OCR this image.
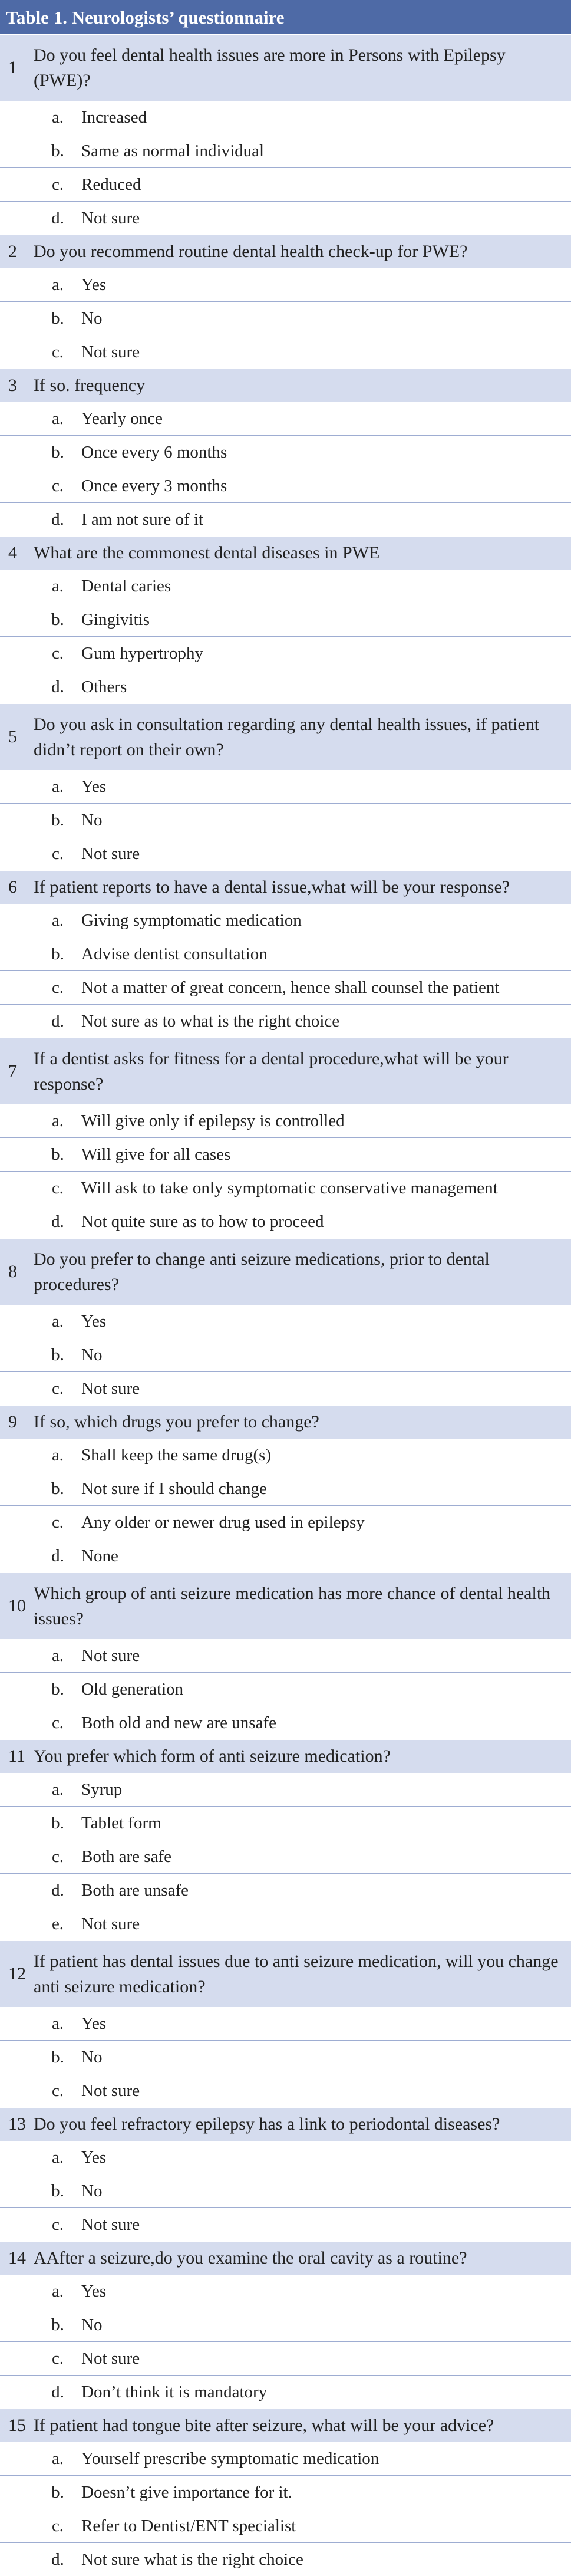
Table 1. Neurologists’ questionnaire
1
Do you feel dental health issues are more in Persons with Epilepsy (PWE)?
a.	Increased
b.	Same as normal individual
c.	Reduced
d.	Not sure
2 Do you recommend routine dental health check-up for PWE?
a.	Yes
b.	No
c.	Not sure
3 If so. frequency
a.	Yearly once
b.	Once every 6 months
c.	Once every 3 months
d.	I am not sure of it
4 What are the commonest dental diseases in PWE
a.	Dental caries
b.	Gingivitis
c.	Gum hypertrophy
d.	Others
5
Do you ask in consultation regarding any dental health issues, if patient didn’t report on their own?
a.	Yes
b.	No
c.	Not sure
6 If patient reports to have a dental issue,what will be your response?
a.	Giving symptomatic medication
b.	Advise dentist consultation
c.	Not a matter of great concern, hence shall counsel the patient
d.	Not sure as to what is the right choice
7
If a dentist asks for fitness for a dental procedure,what will be your response?
a.	Will give only if epilepsy is controlled
b.	Will give for all cases
c.	Will ask to take only symptomatic conservative management
d.	Not quite sure as to how to proceed
8
Do you prefer to change anti seizure medications, prior to dental procedures?
a.	Yes
b.	No
c.	Not sure
9 If so, which drugs you prefer to change?
a.	Shall keep the same drug(s)
b.	Not sure if I should change
c.	Any older or newer drug used in epilepsy
d.	None
10
Which group of anti seizure medication has more chance of dental health issues?
a.	Not sure
b.	Old generation
c.	Both old and new are unsafe
11 You prefer which form of anti seizure medication?
a.	Syrup
b.	Tablet form
c.	Both are safe
d.	Both are unsafe
e.	Not sure
12
If patient has dental issues due to anti seizure medication, will you change anti seizure medication?
a.	Yes
b.	No
c.	Not sure
13 Do you feel refractory epilepsy has a link to periodontal diseases?
a.	Yes
b.	No
c.	Not sure
14 AAfter a seizure,do you examine the oral cavity as a routine?
a.	Yes
b.	No
c.	Not sure
d.	Don’t think it is mandatory
15 If patient had tongue bite after seizure, what will be your advice?
a.	Yourself prescribe symptomatic medication
b.	Doesn’t give importance for it.
c.	Refer to Dentist/ENT specialist
d.	Not sure what is the right choice
